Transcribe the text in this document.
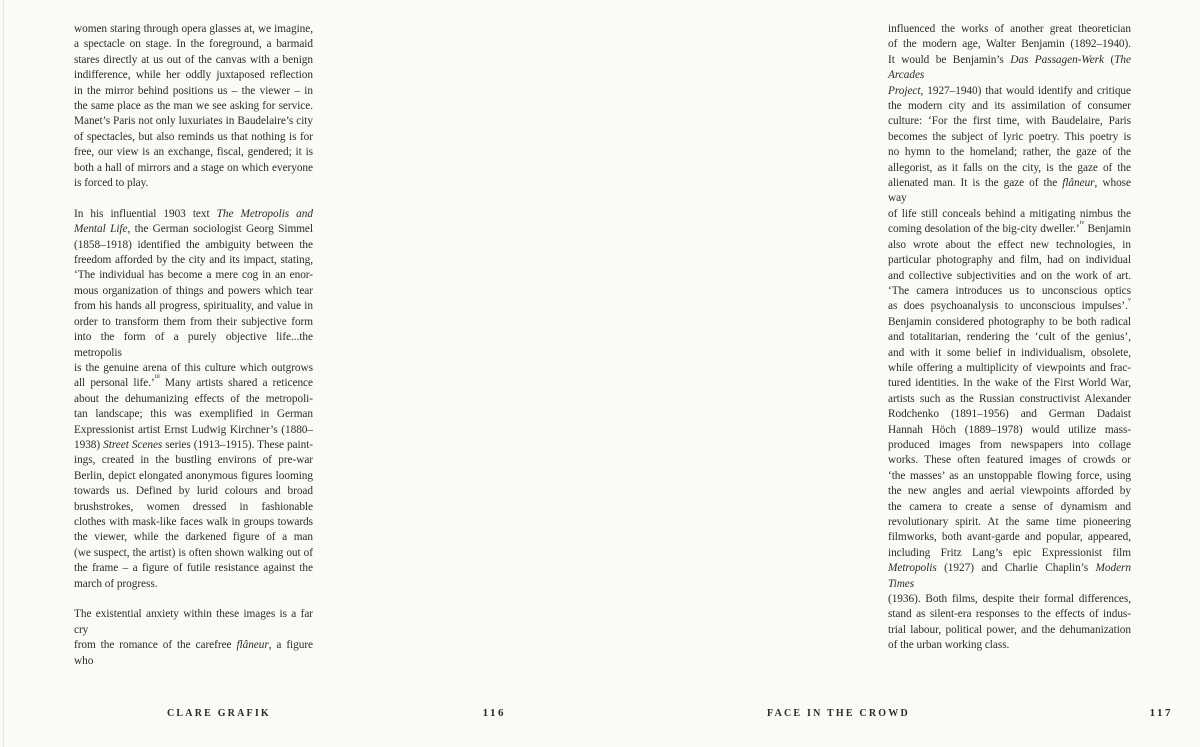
women staring through opera glasses at, we imagine,
a spectacle on stage. In the foreground, a barmaid
stares directly at us out of the canvas with a benign
indifference, while her oddly juxtaposed reflection
in the mirror behind positions us – the viewer – in
the same place as the man we see asking for service.
Manet’s Paris not only luxuriates in Baudelaire’s city
of spectacles, but also reminds us that nothing is for
free, our view is an exchange, fiscal, gendered; it is
both a hall of mirrors and a stage on which everyone
is forced to play.
In his influential 1903 text The Metropolis and
Mental Life, the German sociologist Georg Simmel
(1858–1918) identified the ambiguity between the
freedom afforded by the city and its impact, stating,
‘The individual has become a mere cog in an enor-
mous organization of things and powers which tear
from his hands all progress, spirituality, and value in
order to transform them from their subjective form
into the form of a purely objective life...the metropolis
is the genuine arena of this culture which outgrows
all personal life.’$^{iii}$ Many artists shared a reticence
about the dehumanizing effects of the metropoli-
tan landscape; this was exemplified in German
Expressionist artist Ernst Ludwig Kirchner’s (1880–
1938) Street Scenes series (1913–1915). These paint-
ings, created in the bustling environs of pre-war
Berlin, depict elongated anonymous figures looming
towards us. Defined by lurid colours and broad
brushstrokes, women dressed in fashionable
clothes with mask-like faces walk in groups towards
the viewer, while the darkened figure of a man
(we suspect, the artist) is often shown walking out of
the frame – a figure of futile resistance against the
march of progress.
The existential anxiety within these images is a far cry
from the romance of the carefree flâneur, a figure who
influenced the works of another great theoretician
of the modern age, Walter Benjamin (1892–1940).
It would be Benjamin’s Das Passagen-Werk (The Arcades
Project, 1927–1940) that would identify and critique
the modern city and its assimilation of consumer
culture: ‘For the first time, with Baudelaire, Paris
becomes the subject of lyric poetry. This poetry is
no hymn to the homeland; rather, the gaze of the
allegorist, as it falls on the city, is the gaze of the
alienated man. It is the gaze of the flâneur, whose way
of life still conceals behind a mitigating nimbus the
coming desolation of the big-city dweller.’$^{iv}$ Benjamin
also wrote about the effect new technologies, in
particular photography and film, had on individual
and collective subjectivities and on the work of art.
‘The camera introduces us to unconscious optics
as does psychoanalysis to unconscious impulses’.$^v$
Benjamin considered photography to be both radical
and totalitarian, rendering the ‘cult of the genius’,
and with it some belief in individualism, obsolete,
while offering a multiplicity of viewpoints and frac-
tured identities. In the wake of the First World War,
artists such as the Russian constructivist Alexander
Rodchenko (1891–1956) and German Dadaist
Hannah Höch (1889–1978) would utilize mass-
produced images from newspapers into collage
works. These often featured images of crowds or
‘the masses’ as an unstoppable flowing force, using
the new angles and aerial viewpoints afforded by
the camera to create a sense of dynamism and
revolutionary spirit. At the same time pioneering
filmworks, both avant-garde and popular, appeared,
including Fritz Lang’s epic Expressionist film
Metropolis (1927) and Charlie Chaplin’s Modern Times
(1936). Both films, despite their formal differences,
stand as silent-era responses to the effects of indus-
trial labour, political power, and the dehumanization
of the urban working class.
CLARE GRAFIK	116	FACE IN THE CROWD	117
